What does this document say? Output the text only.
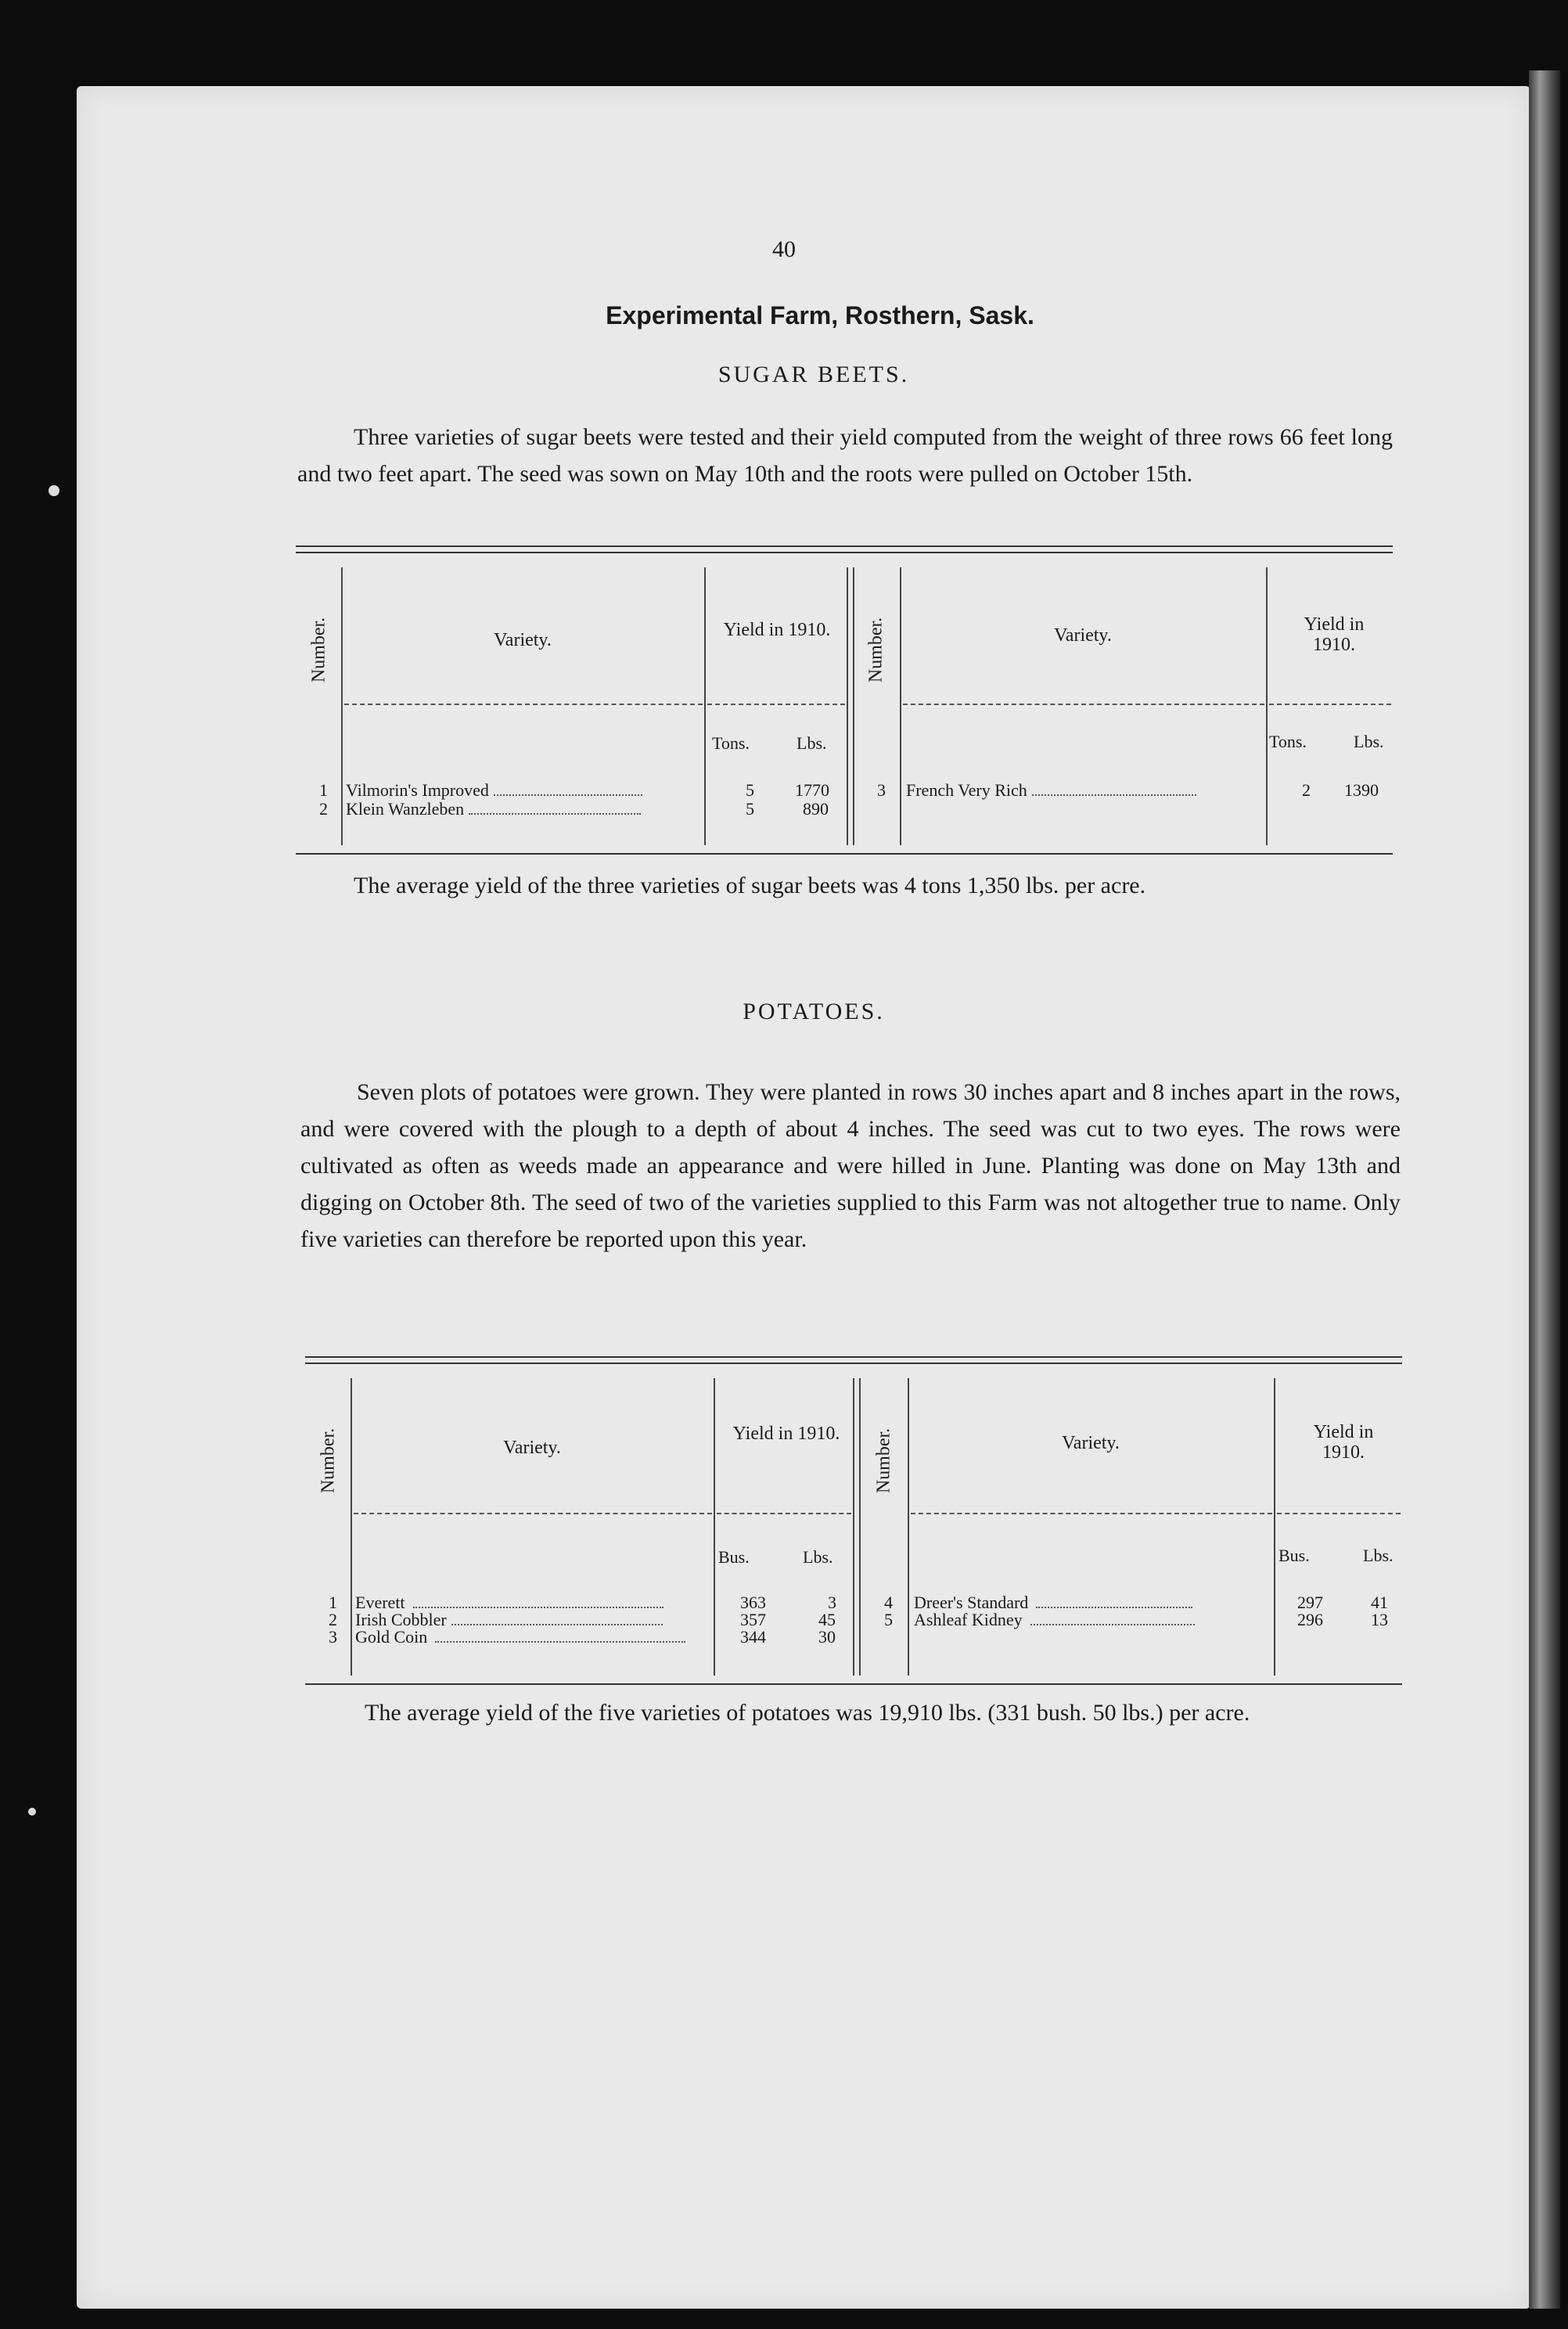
40
Experimental Farm, Rosthern, Sask.
SUGAR BEETS.

Three varieties of sugar beets were tested and their yield computed from the weight of three rows 66 feet long and two feet apart. The seed was sown on May 10th and the roots were pulled on October 15th.

Number.	Variety.	Yield in 1910. Number.	Variety.
Yield in 1910.
Tons.	Lbs.	Tons.	Lbs.
1 Vilmorin's Improved	5 1770
2 Klein Wanzleben	5	890
3 French Very Rich	2 1390

The average yield of the three varieties of sugar beets was 4 tons 1,350 lbs. per acre.

POTATOES.

Seven plots of potatoes were grown. They were planted in rows 30 inches apart and 8 inches apart in the rows, and were covered with the plough to a depth of about 4 inches. The seed was cut to two eyes. The rows were cultivated as often as weeds made an appearance and were hilled in June. Planting was done on May 13th and digging on October 8th. The seed of two of the varieties supplied to this Farm was not altogether true to name. Only five varieties can therefore be reported upon this year.

Number.	Variety.
Yield in 1910. Number.	Variety.
Yield in 1910.
Bus.	Lbs.	Bus.	Lbs.
1 Everett	363	3
2 Irish Cobbler	357	45
3 Gold Coin	344	30
4 Dreer's Standard	297	41
5 Ashleaf Kidney	296	13

The average yield of the five varieties of potatoes was 19,910 lbs. (331 bush. 50 lbs.) per acre.
